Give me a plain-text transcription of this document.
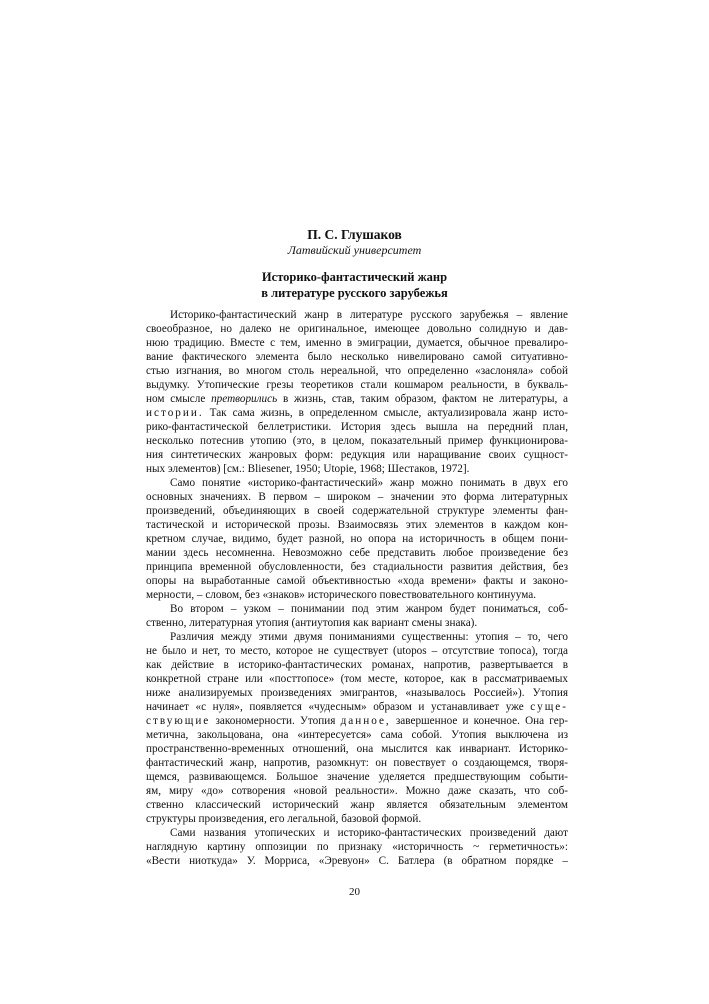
П. С. Глушаков
Латвийский университет
Историко-фантастический жанр
в литературе русского зарубежья

Историко-фантастический жанр в литературе русского зарубежья – явление
своеобразное, но далеко не оригинальное, имеющее довольно солидную и дав-
нюю традицию. Вместе с тем, именно в эмиграции, думается, обычное превалиро-
вание фактического элемента было несколько нивелировано самой ситуативно-
стью изгнания, во многом столь нереальной, что определенно «заслоняла» собой
выдумку. Утопические грезы теоретиков стали кошмаром реальности, в букваль-
ном смысле претворились в жизнь, став, таким образом, фактом не литературы, а
истории. Так сама жизнь, в определенном смысле, актуализировала жанр исто-
рико-фантастической беллетристики. История здесь вышла на передний план,
несколько потеснив утопию (это, в целом, показательный пример функционирова-
ния синтетических жанровых форм: редукция или наращивание своих сущност-
ных элементов) [см.: Bliesener, 1950; Utopie, 1968; Шестаков, 1972].

Само понятие «историко-фантастический» жанр можно понимать в двух его
основных значениях. В первом – широком – значении это форма литературных
произведений, объединяющих в своей содержательной структуре элементы фан-
тастической и исторической прозы. Взаимосвязь этих элементов в каждом кон-
кретном случае, видимо, будет разной, но опора на историчность в общем пони-
мании здесь несомненна. Невозможно себе представить любое произведение без
принципа временной обусловленности, без стадиальности развития действия, без
опоры на выработанные самой объективностью «хода времени» факты и законо-
мерности, – словом, без «знаков» исторического повествовательного континуума.

Во втором – узком – понимании под этим жанром будет пониматься, соб-
ственно, литературная утопия (антиутопия как вариант смены знака).

Различия между этими двумя пониманиями существенны: утопия – то, чего
не было и нет, то место, которое не существует (utopos – отсутствие топоса), тогда
как действие в историко-фантастических романах, напротив, развертывается в
конкретной стране или «посттопосе» (том месте, которое, как в рассматриваемых
ниже анализируемых произведениях эмигрантов, «называлось Россией»). Утопия
начинает «с нуля», появляется «чудесным» образом и устанавливает уже суще-
ствующие закономерности. Утопия данное, завершенное и конечное. Она гер-
метична, закольцована, она «интересуется» сама собой. Утопия выключена из
пространственно-временных отношений, она мыслится как инвариант. Историко-
фантастический жанр, напротив, разомкнут: он повествует о создающемся, творя-
щемся, развивающемся. Большое значение уделяется предшествующим событи-
ям, миру «до» сотворения «новой реальности». Можно даже сказать, что соб-
ственно классический исторический жанр является обязательным элементом
структуры произведения, его легальной, базовой формой.

Сами названия утопических и историко-фантастических произведений дают
наглядную картину оппозиции по признаку «историчность ~ герметичность»:
«Вести ниоткуда» У. Морриса, «Эревуон» С. Батлера (в обратном порядке –

20
